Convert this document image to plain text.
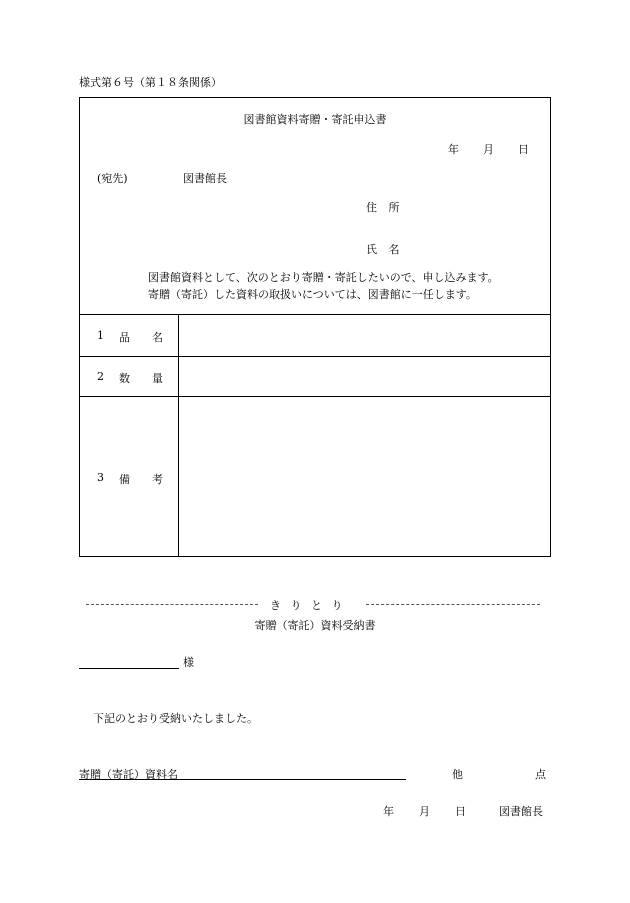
様式第６号（第１８条関係）
図書館資料寄贈・寄託申込書
年 月 日
(宛先)	図書館長
住 所
氏 名
図書館資料として、次のとおり寄贈・寄託したいので、申し込みます。
寄贈（寄託）した資料の取扱いについては、図書館に一任します。
1 品 名
2 数 量
3 備 考
き り と り
寄贈（寄託）資料受納書
様
下記のとおり受納いたしました。
寄贈（寄託）資料名	他	点
年 月 日	図書館長
